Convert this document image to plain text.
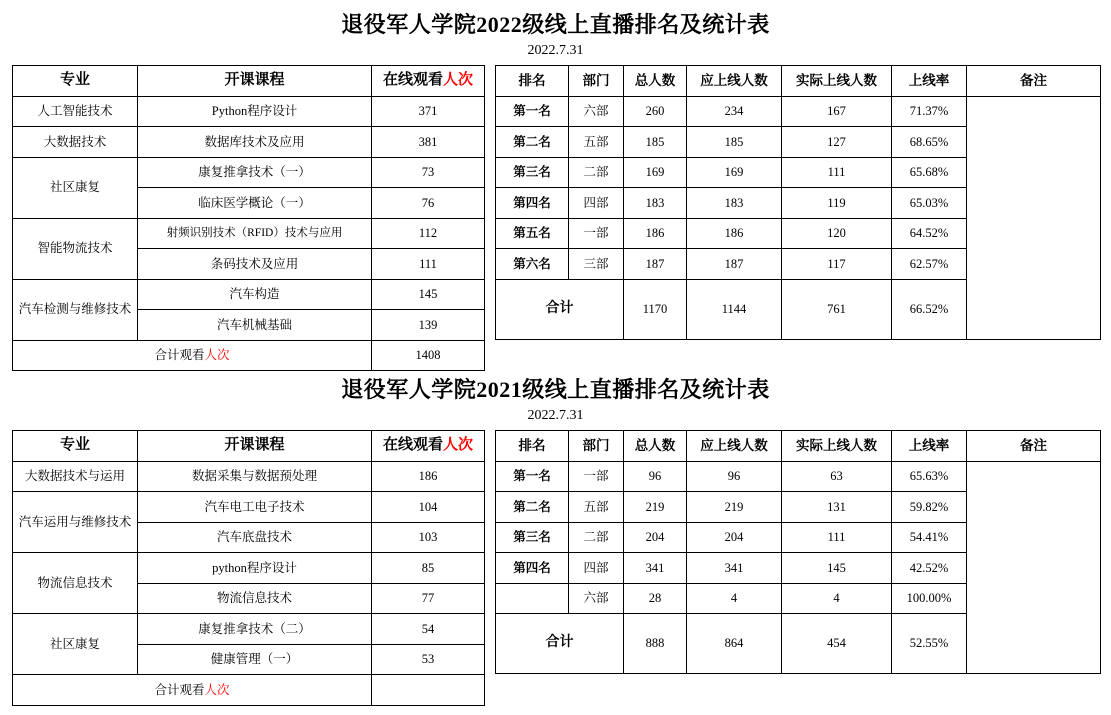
退役军人学院2022级线上直播排名及统计表
2022.7.31
专业	开课课程	在线观看人次
人工智能技术	Python程序设计	371
大数据技术	数据库技术及应用	381
社区康复	康复推拿技术（一）	73
	临床医学概论（一）	76
智能物流技术	射频识别技术（RFID）技术与应用	112
	条码技术及应用	111
汽车检测与维修技术	汽车构造	145
	汽车机械基础	139
合计观看人次		1408
排名	部门	总人数	应上线人数	实际上线人数	上线率	备注
第一名	六部	260	234	167	71.37%	
第二名	五部	185	185	127	68.65%	
第三名	二部	169	169	111	65.68%	
第四名	四部	183	183	119	65.03%	
第五名	一部	186	186	120	64.52%	
第六名	三部	187	187	117	62.57%	
合计		1170	1144	761	66.52%	
退役军人学院2021级线上直播排名及统计表
2022.7.31
专业	开课课程	在线观看人次
大数据技术与运用	数据采集与数据预处理	186
汽车运用与维修技术	汽车电工电子技术	104
	汽车底盘技术	103
物流信息技术	python程序设计	85
	物流信息技术	77
社区康复	康复推拿技术（二）	54
	健康管理（一）	53
合计观看人次		
排名	部门	总人数	应上线人数	实际上线人数	上线率	备注
第一名	一部	96	96	63	65.63%	
第二名	五部	219	219	131	59.82%	
第三名	二部	204	204	111	54.41%	
第四名	四部	341	341	145	42.52%	
	六部	28	4	4	100.00%	
合计		888	864	454	52.55%	
